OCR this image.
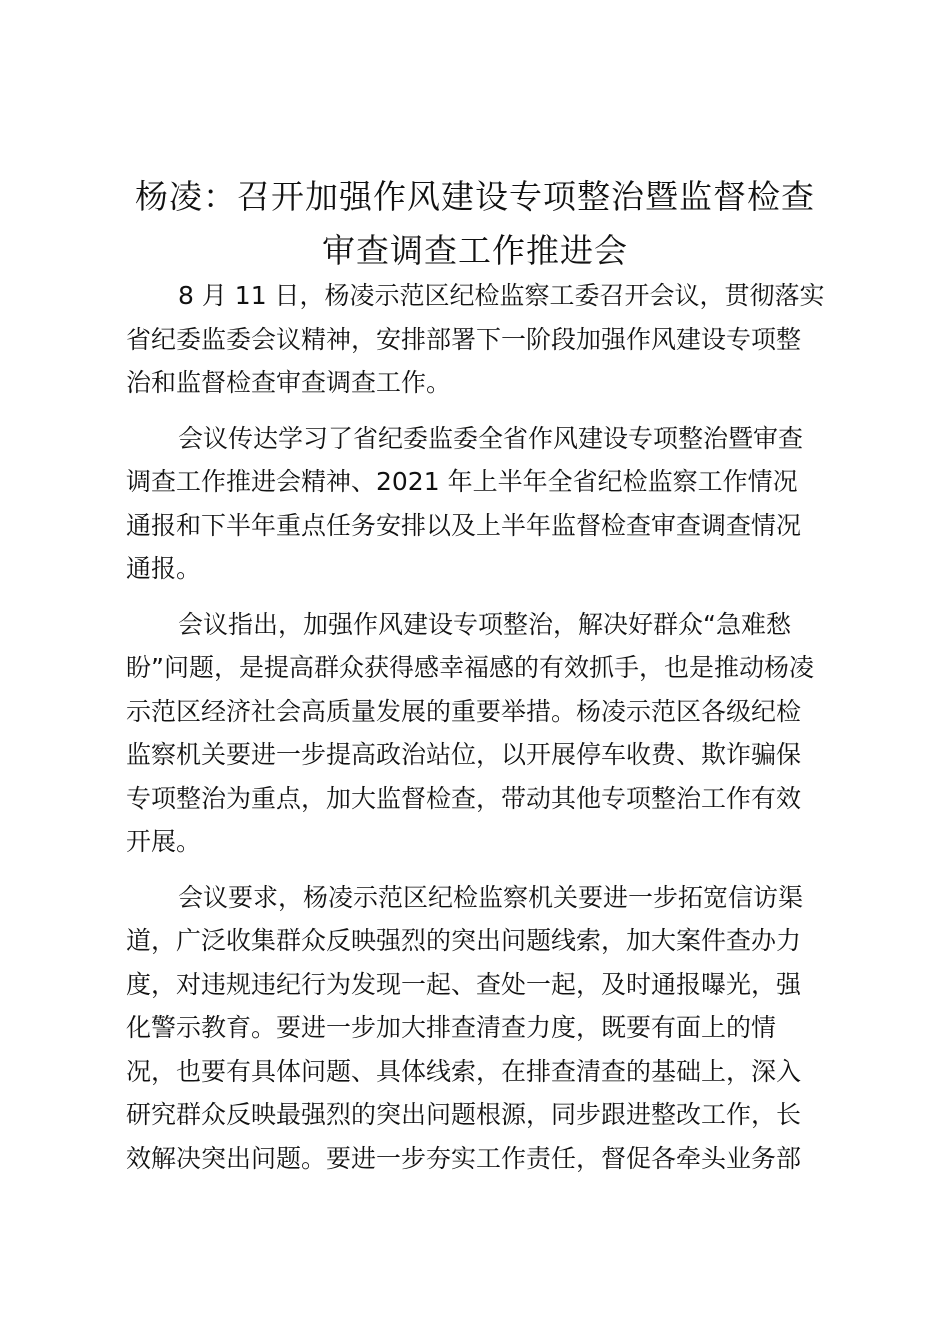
杨凌：召开加强作风建设专项整治暨监督检查
审查调查工作推进会

8 月 11 日，杨凌示范区纪检监察工委召开会议，贯彻落实
省纪委监委会议精神，安排部署下一阶段加强作风建设专项整
治和监督检查审查调查工作。

会议传达学习了省纪委监委全省作风建设专项整治暨审查
调查工作推进会精神、2021 年上半年全省纪检监察工作情况
通报和下半年重点任务安排以及上半年监督检查审查调查情况
通报。

会议指出，加强作风建设专项整治，解决好群众“急难愁
盼”问题，是提高群众获得感幸福感的有效抓手，也是推动杨凌
示范区经济社会高质量发展的重要举措。杨凌示范区各级纪检
监察机关要进一步提高政治站位，以开展停车收费、欺诈骗保
专项整治为重点，加大监督检查，带动其他专项整治工作有效
开展。

会议要求，杨凌示范区纪检监察机关要进一步拓宽信访渠
道，广泛收集群众反映强烈的突出问题线索，加大案件查办力
度，对违规违纪行为发现一起、查处一起，及时通报曝光，强
化警示教育。要进一步加大排查清查力度，既要有面上的情
况，也要有具体问题、具体线索，在排查清查的基础上，深入
研究群众反映最强烈的突出问题根源，同步跟进整改工作，长
效解决突出问题。要进一步夯实工作责任，督促各牵头业务部
